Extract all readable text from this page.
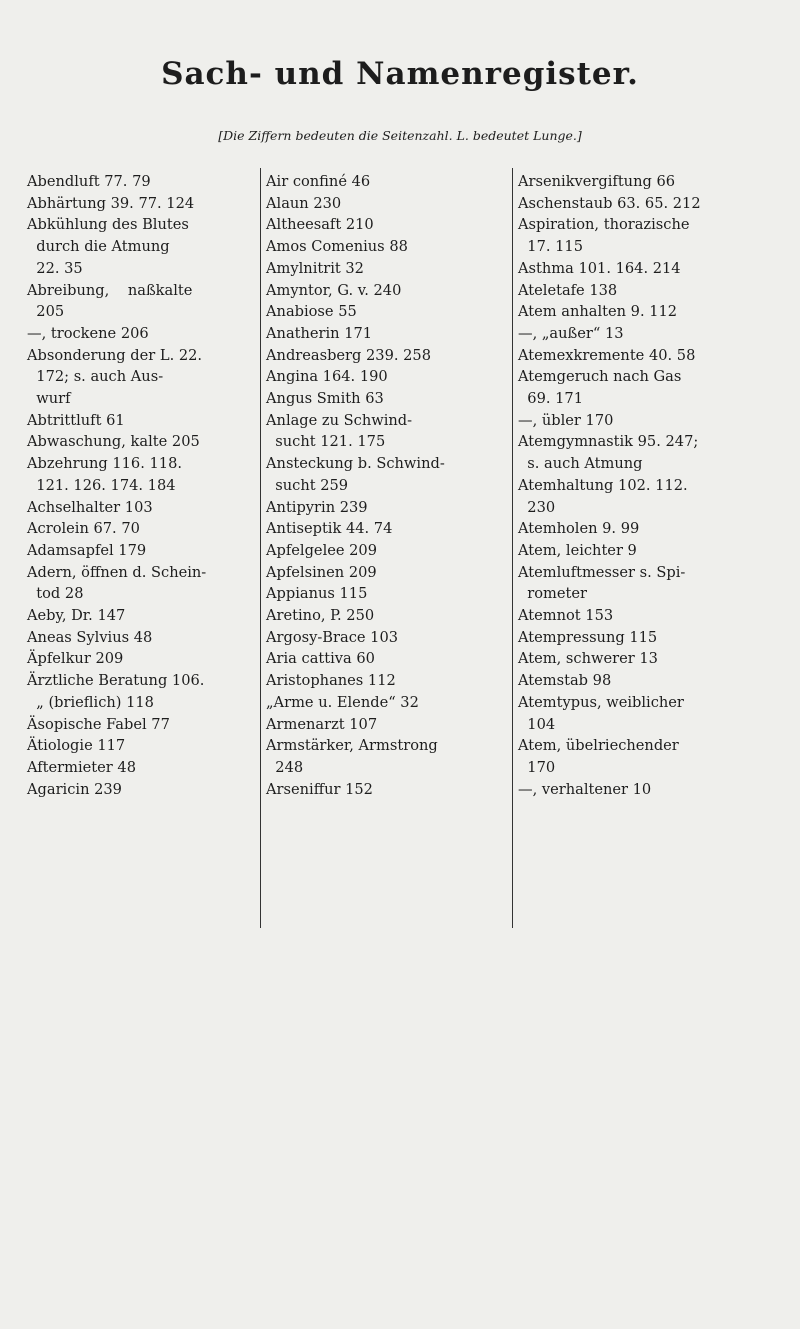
Sach- und Namenregister.
[Die Ziffern bedeuten die Seitenzahl. L. bedeutet Lunge.]
Abendluft 77. 79
Abhärtung 39. 77. 124
Abkühlung des Blutes
durch die Atmung
22. 35
Abreibung,    naßkalte
205
—, trockene 206
Absonderung der L. 22.
172; s. auch Aus-
wurf
Abtrittluft 61
Abwaschung, kalte 205
Abzehrung 116. 118.
121. 126. 174. 184
Achselhalter 103
Acrolein 67. 70
Adamsapfel 179
Adern, öffnen d. Schein-
tod 28
Aeby, Dr. 147
Aneas Sylvius 48
Äpfelkur 209
Ärztliche Beratung 106.
„ (brieflich) 118
Äsopische Fabel 77
Ätiologie 117
Aftermieter 48
Agaricin 239
Air confiné 46
Alaun 230
Altheesaft 210
Amos Comenius 88
Amylnitrit 32
Amyntor, G. v. 240
Anabiose 55
Anatherin 171
Andreasberg 239. 258
Angina 164. 190
Angus Smith 63
Anlage zu Schwind-
sucht 121. 175
Ansteckung b. Schwind-
sucht 259
Antipyrin 239
Antiseptik 44. 74
Apfelgelee 209
Apfelsinen 209
Appianus 115
Aretino, P. 250
Argosy-Brace 103
Aria cattiva 60
Aristophanes 112
„Arme u. Elende“ 32
Armenarzt 107
Armstärker, Armstrong
248
Arseniffur 152
Arsenikvergiftung 66
Aschenstaub 63. 65. 212
Aspiration, thorazische
17. 115
Asthma 101. 164. 214
Ateletafe 138
Atem anhalten 9. 112
—, „außer“ 13
Atemexkremente 40. 58
Atemgeruch nach Gas
69. 171
—, übler 170
Atemgymnastik 95. 247;
s. auch Atmung
Atemhaltung 102. 112.
230
Atemholen 9. 99
Atem, leichter 9
Atemluftmesser s. Spi-
rometer
Atemnot 153
Atempressung 115
Atem, schwerer 13
Atemstab 98
Atemtypus, weiblicher
104
Atem, übelriechender
170
—, verhaltener 10
